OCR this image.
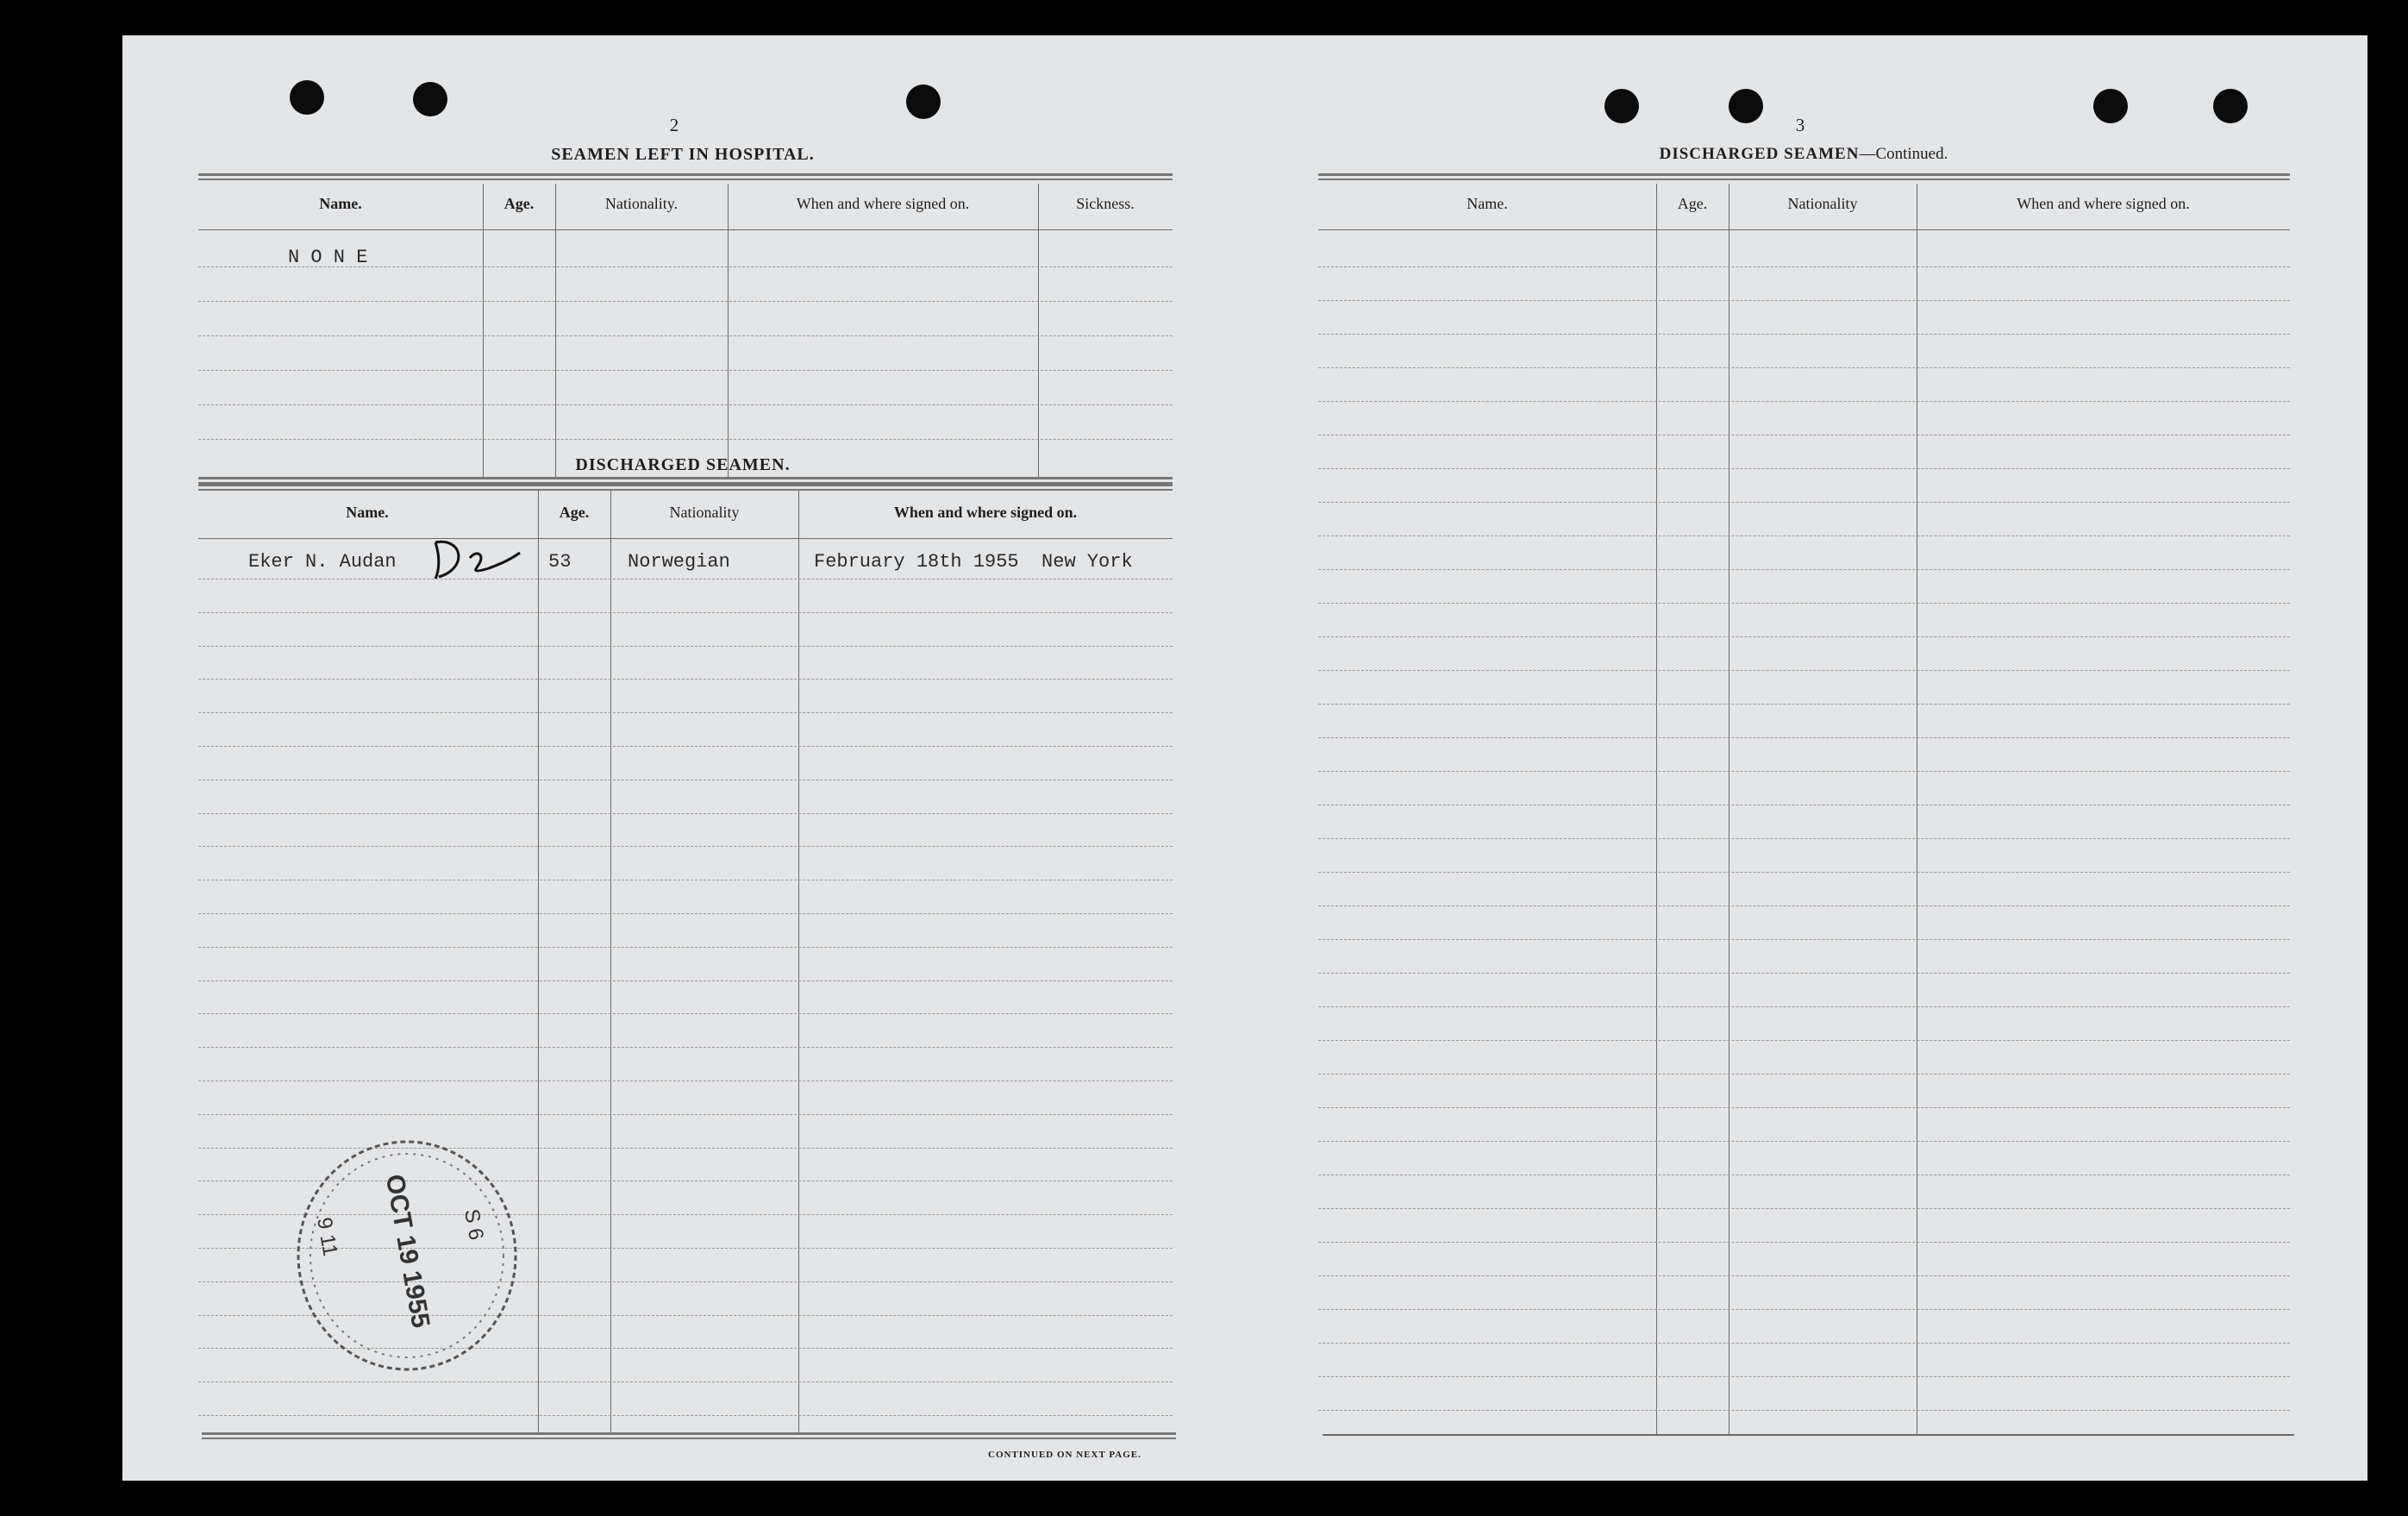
2
SEAMEN LEFT IN HOSPITAL.
Name.	Age.	Nationality.	When and where signed on.	Sickness.
N O N E
DISCHARGED SEAMEN.
Name.	Age.	Nationality	When and where signed on.
Eker N. Audan	53	Norwegian	February 18th 1955  New York
OCT 19 1955
9 11	S 6
CONTINUED ON NEXT PAGE.
3
DISCHARGED SEAMEN—Continued.
Name.	Age.	Nationality	When and where signed on.
